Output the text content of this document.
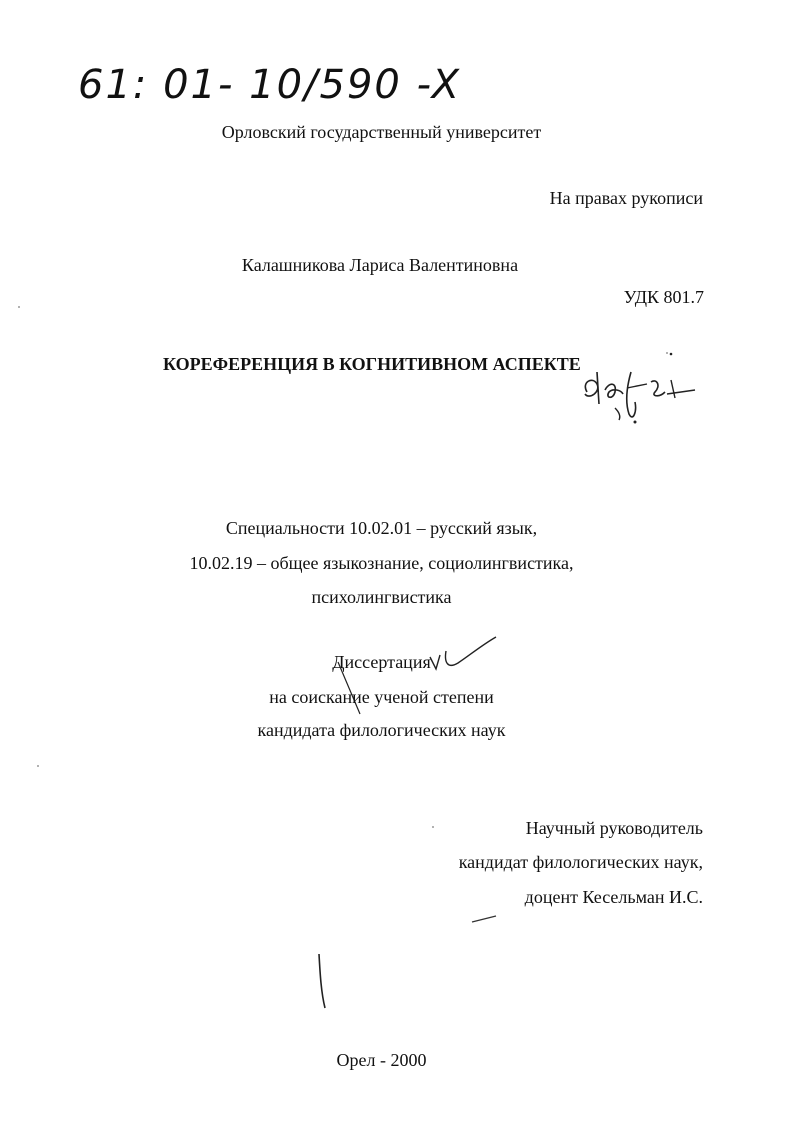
61: 01- 10/590 -X
Орловский государственный университет
На правах рукописи
Калашникова Лариса Валентиновна
УДК 801.7
КОРЕФЕРЕНЦИЯ В КОГНИТИВНОМ АСПЕКТЕ
Специальности 10.02.01 – русский язык,
10.02.19 – общее языкознание, социолингвистика,
психолингвистика
Диссертация
на соискание ученой степени
кандидата филологических наук
Научный руководитель
кандидат филологических наук,
доцент Кесельман И.С.
Орел - 2000
